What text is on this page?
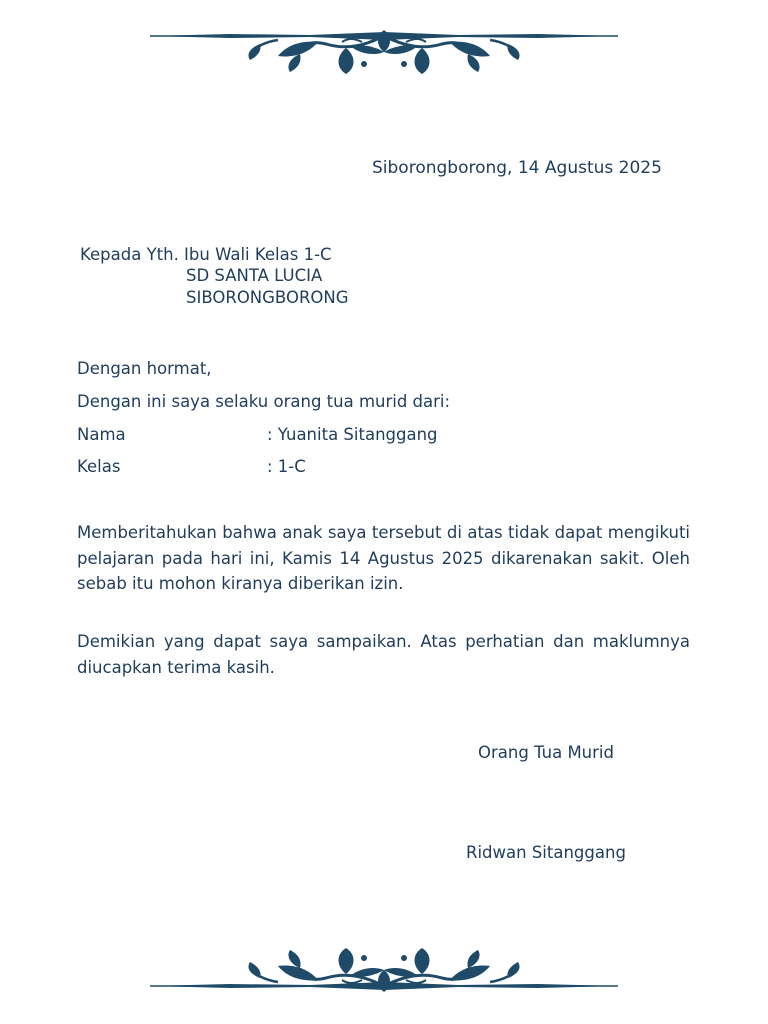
Siborongborong, 14 Agustus 2025
Kepada Yth. Ibu Wali Kelas 1-C
SD SANTA LUCIA
SIBORONGBORONG
Dengan hormat,
Dengan ini saya selaku orang tua murid dari:
Nama	: Yuanita Sitanggang
Kelas	: 1-C
Memberitahukan bahwa anak saya tersebut di atas tidak dapat mengikuti pelajaran pada hari ini, Kamis 14 Agustus 2025 dikarenakan sakit. Oleh sebab itu mohon kiranya diberikan izin.
Demikian yang dapat saya sampaikan. Atas perhatian dan maklumnya diucapkan terima kasih.
Orang Tua Murid
Ridwan Sitanggang
